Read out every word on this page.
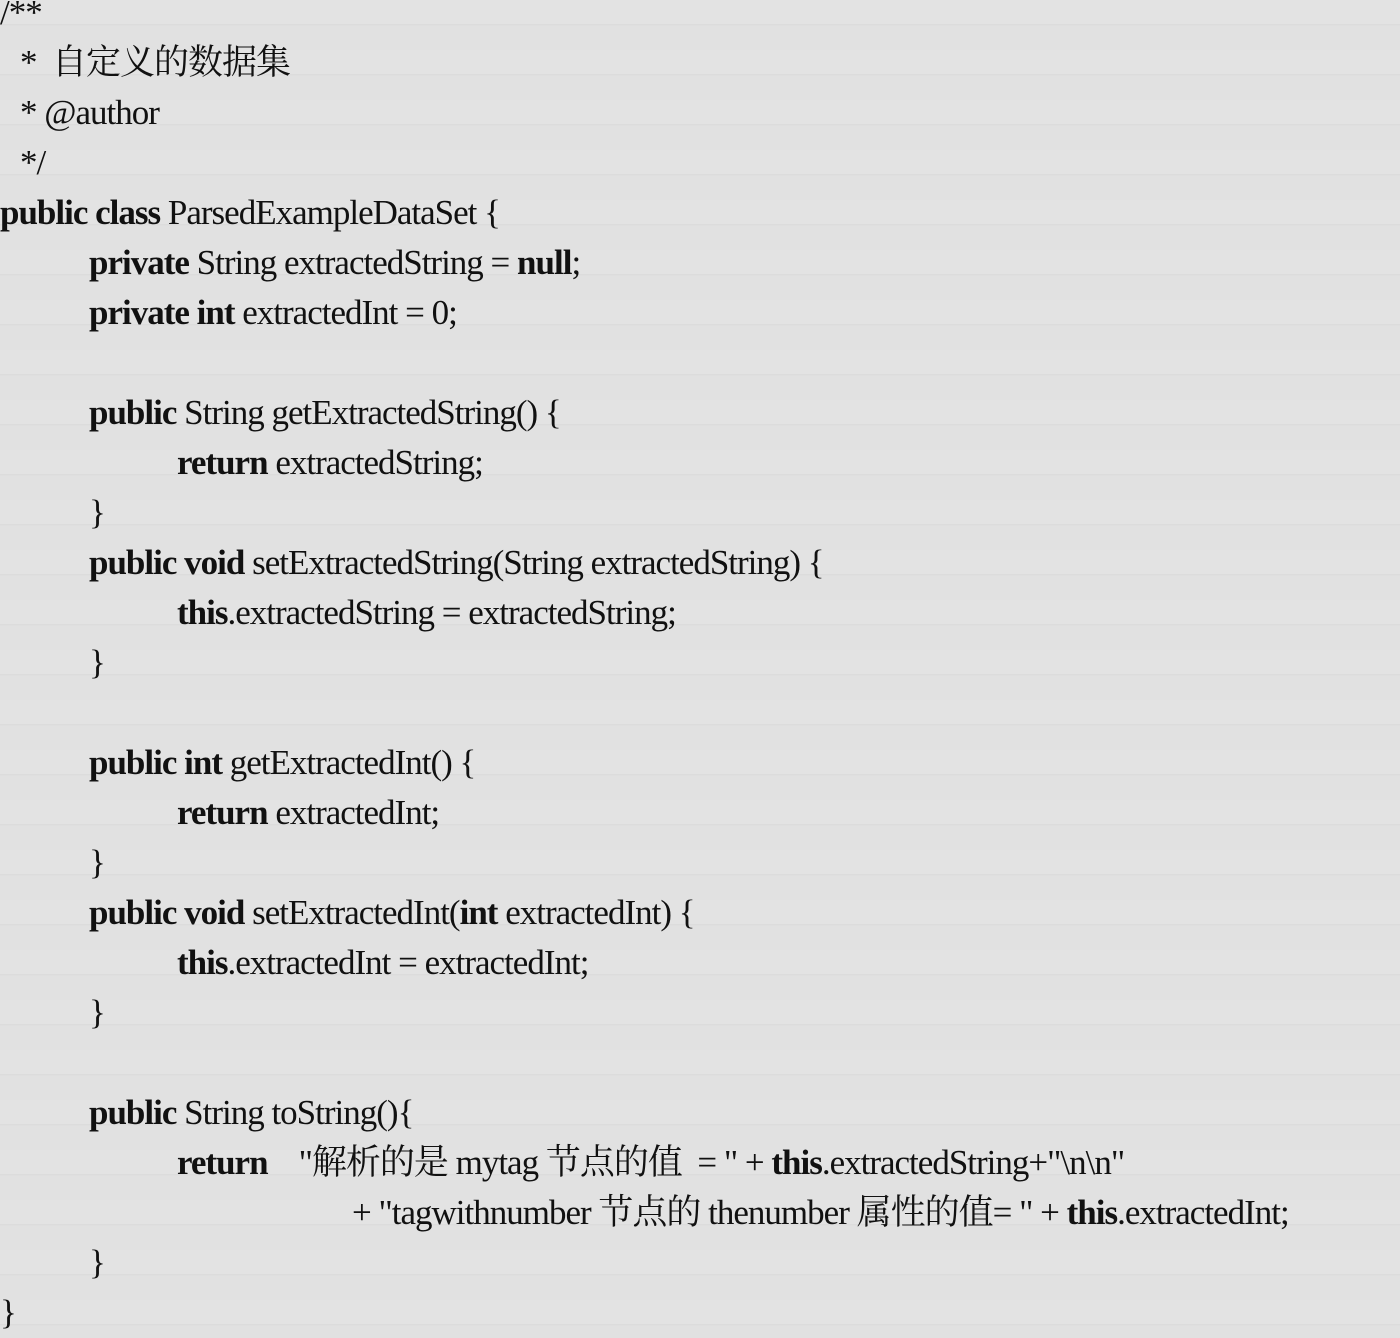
/**
*  自定义的数据集
* @author
*/
public class ParsedExampleDataSet {
private String extractedString = null;
private int extractedInt = 0;
public String getExtractedString() {
return extractedString;
}
public void setExtractedString(String extractedString) {
this.extractedString = extractedString;
}
public int getExtractedInt() {
return extractedInt;
}
public void setExtractedInt(int extractedInt) {
this.extractedInt = extractedInt;
}
public String toString(){
return    "解析的是 mytag 节点的值  = " + this.extractedString+"\n\n"
+ "tagwithnumber 节点的 thenumber 属性的值= " + this.extractedInt;
}
}
